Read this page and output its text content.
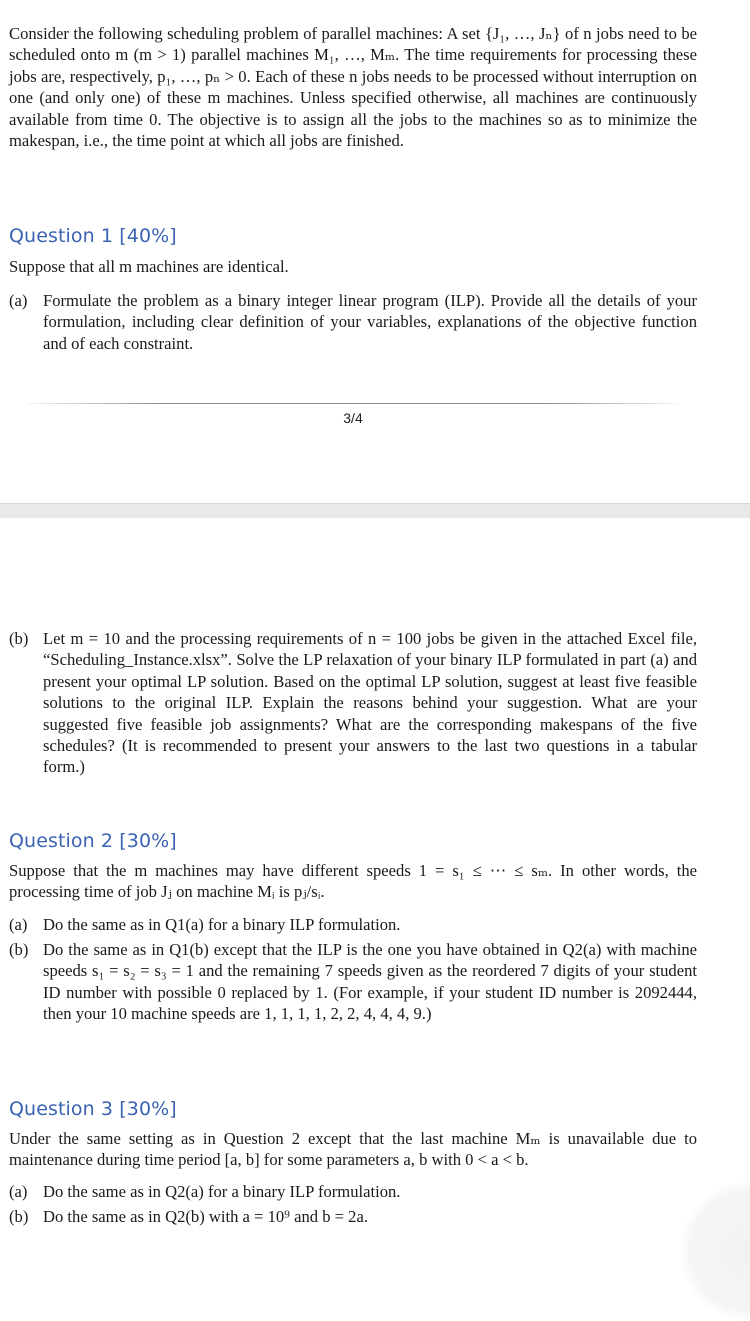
Consider the following scheduling problem of parallel machines: A set {J₁, …, Jₙ} of n jobs need to be scheduled onto m (m > 1) parallel machines M₁, …, Mₘ. The time requirements for processing these jobs are, respectively, p₁, …, pₙ > 0. Each of these n jobs needs to be processed without interruption on one (and only one) of these m machines. Unless specified otherwise, all machines are continuously available from time 0. The objective is to assign all the jobs to the machines so as to minimize the makespan, i.e., the time point at which all jobs are finished.

Question 1 [40%]

Suppose that all m machines are identical.

(a) Formulate the problem as a binary integer linear program (ILP). Provide all the details of your formulation, including clear definition of your variables, explanations of the objective function and of each constraint.

3/4
(b) Let m = 10 and the processing requirements of n = 100 jobs be given in the attached Excel file, “Scheduling_Instance.xlsx”. Solve the LP relaxation of your binary ILP formulated in part (a) and present your optimal LP solution. Based on the optimal LP solution, suggest at least five feasible solutions to the original ILP. Explain the reasons behind your suggestion. What are your suggested five feasible job assignments? What are the corresponding makespans of the five schedules? (It is recommended to present your answers to the last two questions in a tabular form.)

Question 2 [30%]

Suppose that the m machines may have different speeds 1 = s₁ ≤ ⋯ ≤ sₘ. In other words, the processing time of job Jⱼ on machine Mᵢ is pⱼ/sᵢ.

(a) Do the same as in Q1(a) for a binary ILP formulation.

(b) Do the same as in Q1(b) except that the ILP is the one you have obtained in Q2(a) with machine speeds s₁ = s₂ = s₃ = 1 and the remaining 7 speeds given as the reordered 7 digits of your student ID number with possible 0 replaced by 1. (For example, if your student ID number is 2092444, then your 10 machine speeds are 1, 1, 1, 1, 2, 2, 4, 4, 4, 9.)

Question 3 [30%]

Under the same setting as in Question 2 except that the last machine Mₘ is unavailable due to maintenance during time period [a, b] for some parameters a, b with 0 < a < b.

(a) Do the same as in Q2(a) for a binary ILP formulation.

(b) Do the same as in Q2(b) with a = 10⁹ and b = 2a.
